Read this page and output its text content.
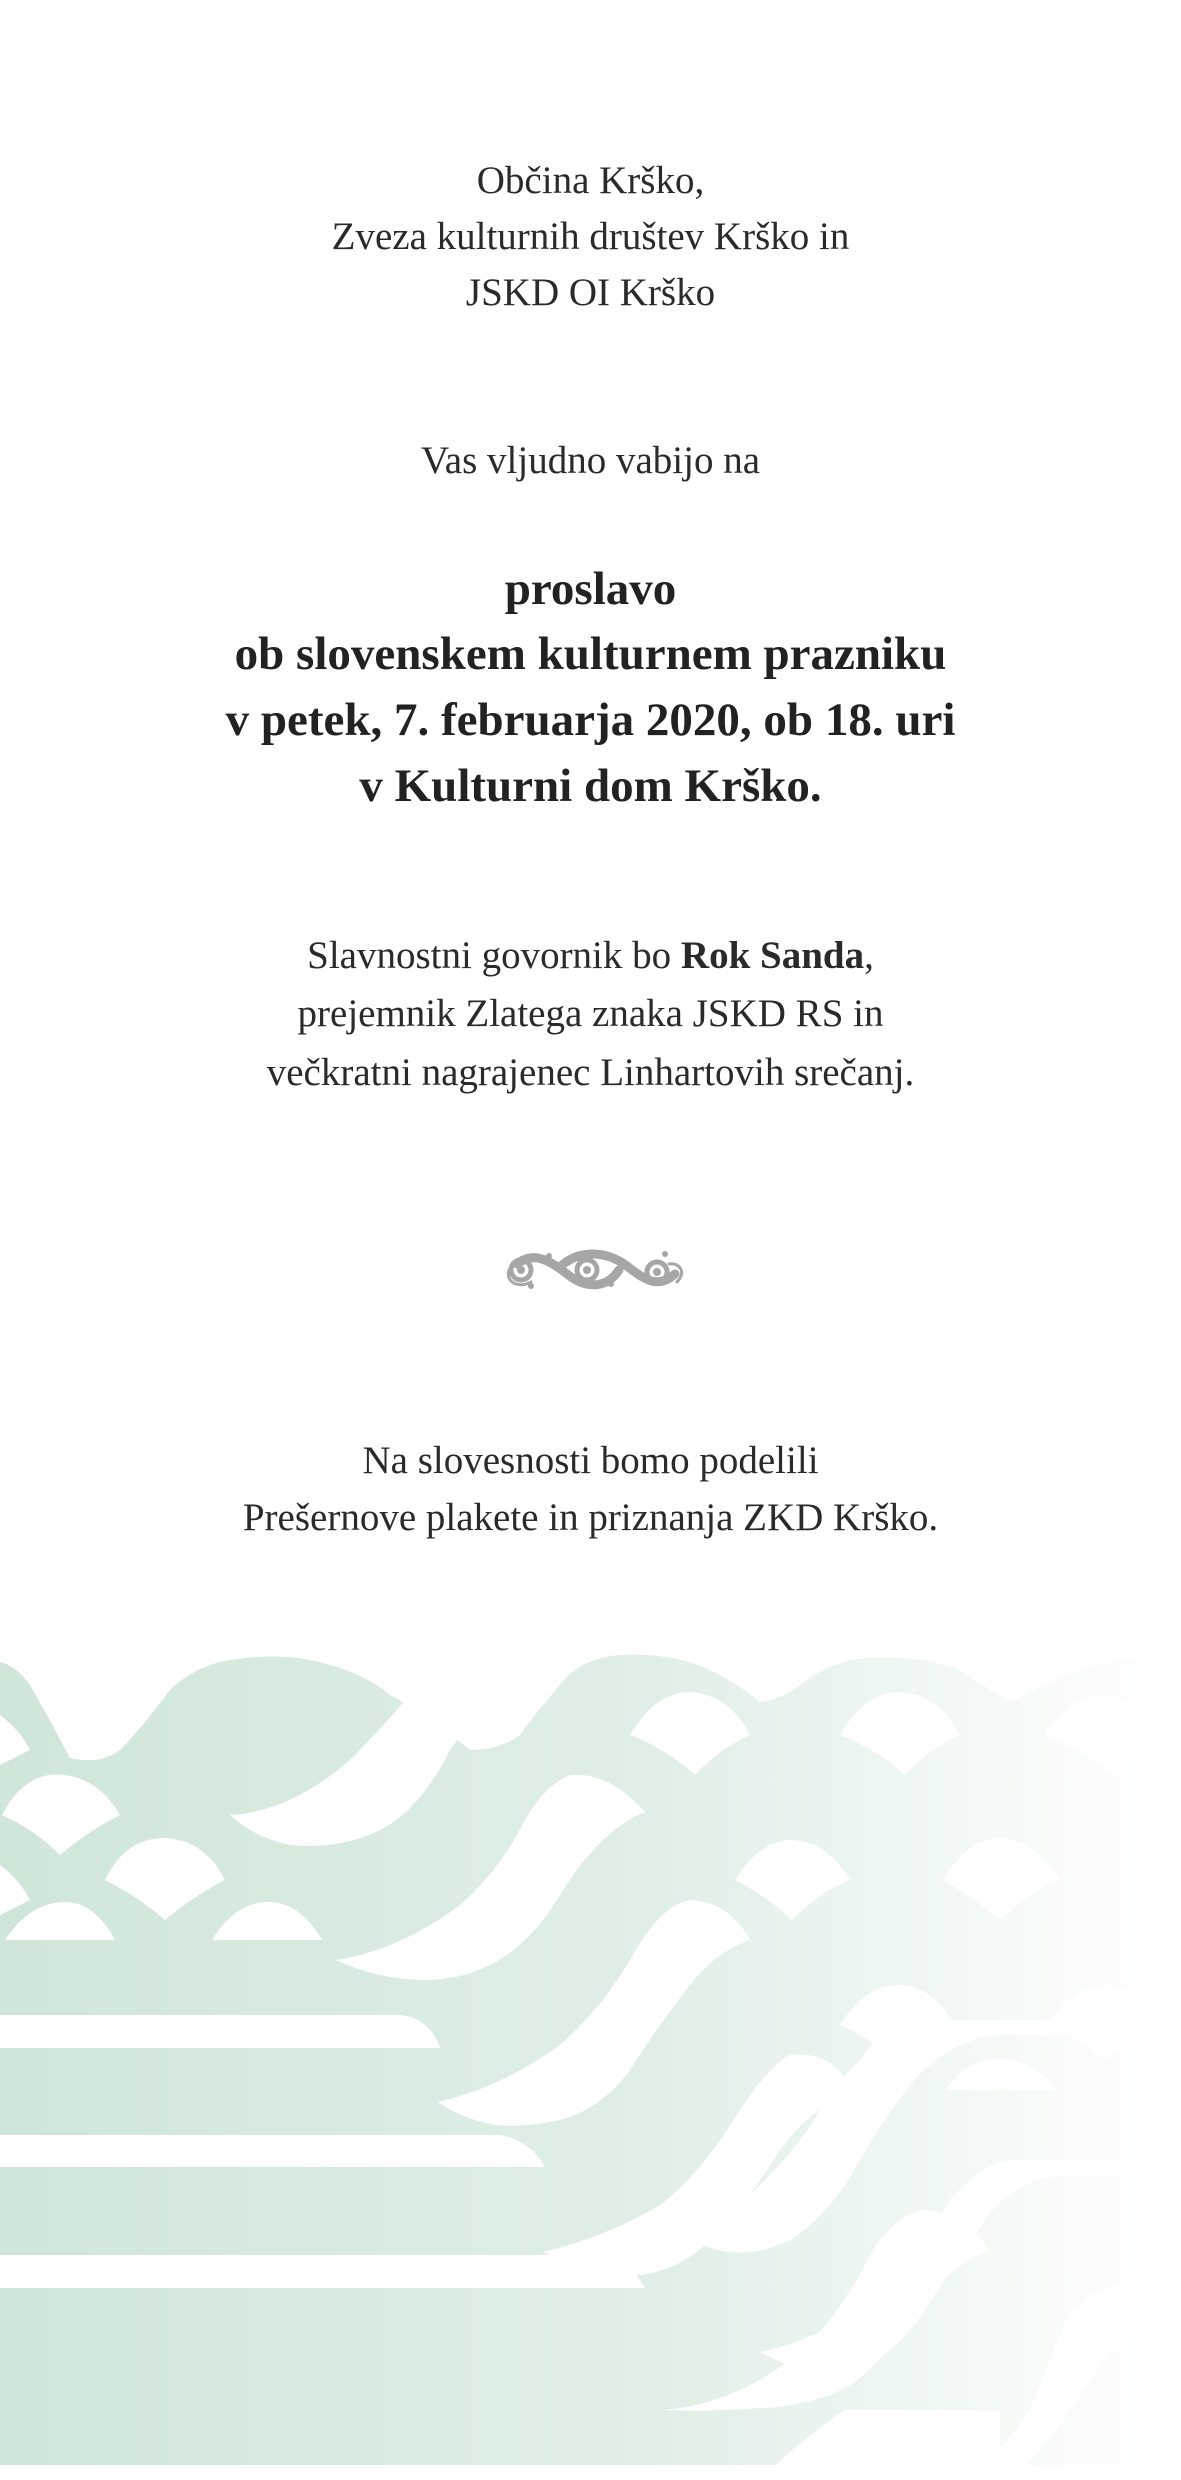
Občina Krško,
Zveza kulturnih društev Krško in
JSKD OI Krško
Vas vljudno vabijo na
proslavo
ob slovenskem kulturnem prazniku
v petek, 7. februarja 2020, ob 18. uri
v Kulturni dom Krško.
Slavnostni govornik bo Rok Sanda,
prejemnik Zlatega znaka JSKD RS in
večkratni nagrajenec Linhartovih srečanj.
Na slovesnosti bomo podelili
Prešernove plakete in priznanja ZKD Krško.
